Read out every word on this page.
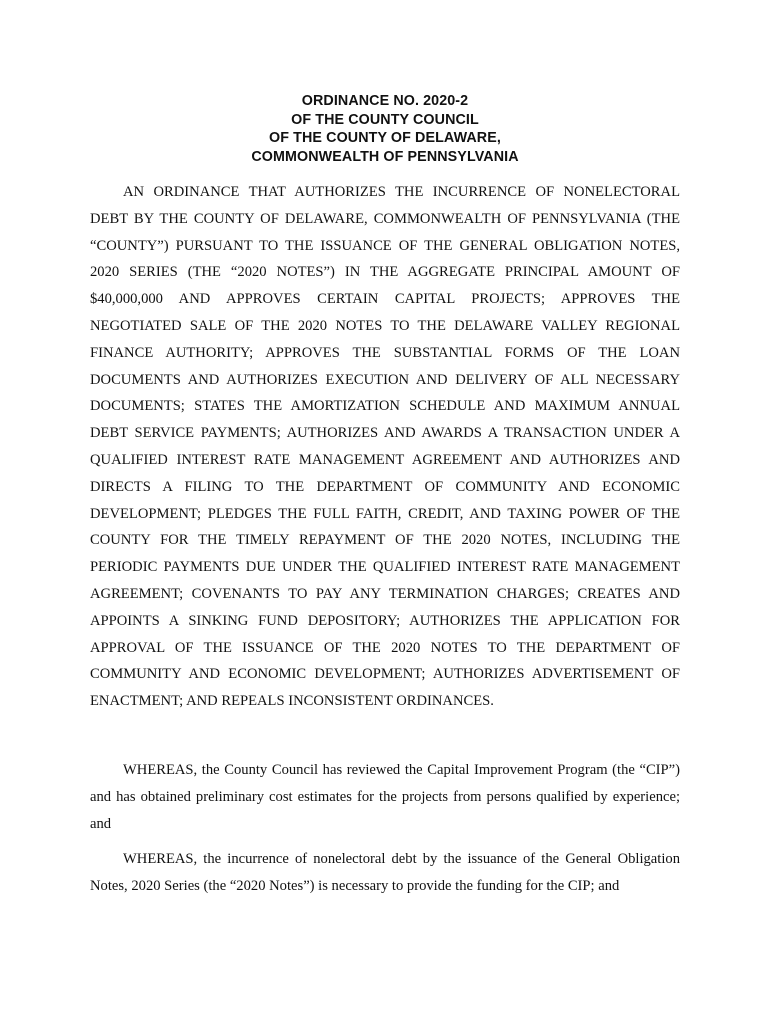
ORDINANCE NO. 2020-2
OF THE COUNTY COUNCIL
OF THE COUNTY OF DELAWARE,
COMMONWEALTH OF PENNSYLVANIA

AN ORDINANCE THAT AUTHORIZES THE INCURRENCE OF NONELECTORAL DEBT BY THE COUNTY OF DELAWARE, COMMONWEALTH OF PENNSYLVANIA (THE “COUNTY”) PURSUANT TO THE ISSUANCE OF THE GENERAL OBLIGATION NOTES, 2020 SERIES (THE “2020 NOTES”) IN THE AGGREGATE PRINCIPAL AMOUNT OF $40,000,000 AND APPROVES CERTAIN CAPITAL PROJECTS; APPROVES THE NEGOTIATED SALE OF THE 2020 NOTES TO THE DELAWARE VALLEY REGIONAL FINANCE AUTHORITY; APPROVES THE SUBSTANTIAL FORMS OF THE LOAN DOCUMENTS AND AUTHORIZES EXECUTION AND DELIVERY OF ALL NECESSARY DOCUMENTS; STATES THE AMORTIZATION SCHEDULE AND MAXIMUM ANNUAL DEBT SERVICE PAYMENTS; AUTHORIZES AND AWARDS A TRANSACTION UNDER A QUALIFIED INTEREST RATE MANAGEMENT AGREEMENT AND AUTHORIZES AND DIRECTS A FILING TO THE DEPARTMENT OF COMMUNITY AND ECONOMIC DEVELOPMENT; PLEDGES THE FULL FAITH, CREDIT, AND TAXING POWER OF THE COUNTY FOR THE TIMELY REPAYMENT OF THE 2020 NOTES, INCLUDING THE PERIODIC PAYMENTS DUE UNDER THE QUALIFIED INTEREST RATE MANAGEMENT AGREEMENT; COVENANTS TO PAY ANY TERMINATION CHARGES; CREATES AND APPOINTS A SINKING FUND DEPOSITORY; AUTHORIZES THE APPLICATION FOR APPROVAL OF THE ISSUANCE OF THE 2020 NOTES TO THE DEPARTMENT OF COMMUNITY AND ECONOMIC DEVELOPMENT; AUTHORIZES ADVERTISEMENT OF ENACTMENT; AND REPEALS INCONSISTENT ORDINANCES.

WHEREAS, the County Council has reviewed the Capital Improvement Program (the “CIP”) and has obtained preliminary cost estimates for the projects from persons qualified by experience; and

WHEREAS, the incurrence of nonelectoral debt by the issuance of the General Obligation Notes, 2020 Series (the “2020 Notes”) is necessary to provide the funding for the CIP; and
